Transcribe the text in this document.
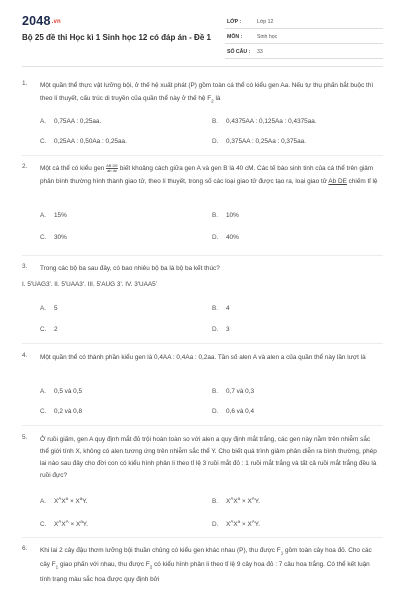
$2048^{.vn}$
Bộ 25 đề thi Học kì 1 Sinh học 12 có đáp án - Đề 1
LỚP :	Lớp 12
MÔN :	Sinh học
SỐ CÂU : 33
1. Một quần thể thực vật lưỡng bội, ở thế hệ xuất phát (P) gồm toàn cá thể có kiểu gen Aa. Nếu tự thụ phấn bắt buộc thì theo lí thuyết, cấu trúc di truyền của quần thể này ở thế hệ $F_2$ là
A. 0,75AA : 0,25aa.	B. 0,4375AA : 0,125Aa : 0,4375aa.
C. 0,25AA : 0,50Aa : 0,25aa.	D. 0,375AA : 0,25Aa : 0,375aa.
2. Một cá thể có kiểu gen $\frac{\text{AB DE}}{\text{ab de}}$ biết khoảng cách giữa gen A và gen B là 40 cM. Các tế bào sinh tinh của cá thể trên giảm phân bình thường hình thành giao tử, theo lí thuyết, trong số các loại giao tử được tạo ra, loại giao tử Ab DE chiếm tỉ lệ
A. 15%	B. 10%
C. 30%	D. 40%
3. Trong các bộ ba sau đây, có bao nhiêu bộ ba là bộ ba kết thúc?
I. 5'UAG3'. II. 5'UAA3'. III. 5'AUG 3'. IV. 3'UAA5'
A. 5	B. 4
C. 2	D. 3
4. Một quần thể có thành phần kiểu gen là 0,4AA : 0,4Aa : 0,2aa. Tần số alen A và alen a của quần thể này lần lượt là
A. 0,5 và 0,5	B. 0,7 và 0,3
C. 0,2 và 0,8	D. 0,6 và 0,4
5. Ở ruồi giấm, gen A quy định mắt đỏ trội hoàn toàn so với alen a quy định mắt trắng, các gen này nằm trên nhiễm sắc thể giới tính X, không có alen tương ứng trên nhiễm sắc thể Y. Cho biết quá trình giảm phân diễn ra bình thường, phép lai nào sau đây cho đời con có kiểu hình phân li theo tỉ lệ 3 ruồi mắt đỏ : 1 ruồi mắt trắng và tất cả ruồi mắt trắng đều là ruồi đực?
A. $X^AX^a \times X^aY$.	B. $X^AX^a \times X^AY$.
C. $X^AX^A \times X^aY$.	D. $X^AX^a \times X^AY$.
6. Khi lai 2 cây đậu thơm lưỡng bội thuần chủng có kiểu gen khác nhau (P), thu được $F_1$ gồm toàn cây hoa đỏ. Cho các cây $F_1$ giao phấn với nhau, thu được $F_2$ có kiểu hình phân li theo tỉ lệ 9 cây hoa đỏ : 7 câu hoa trắng. Có thể kết luận tính trạng màu sắc hoa được quy định bởi
